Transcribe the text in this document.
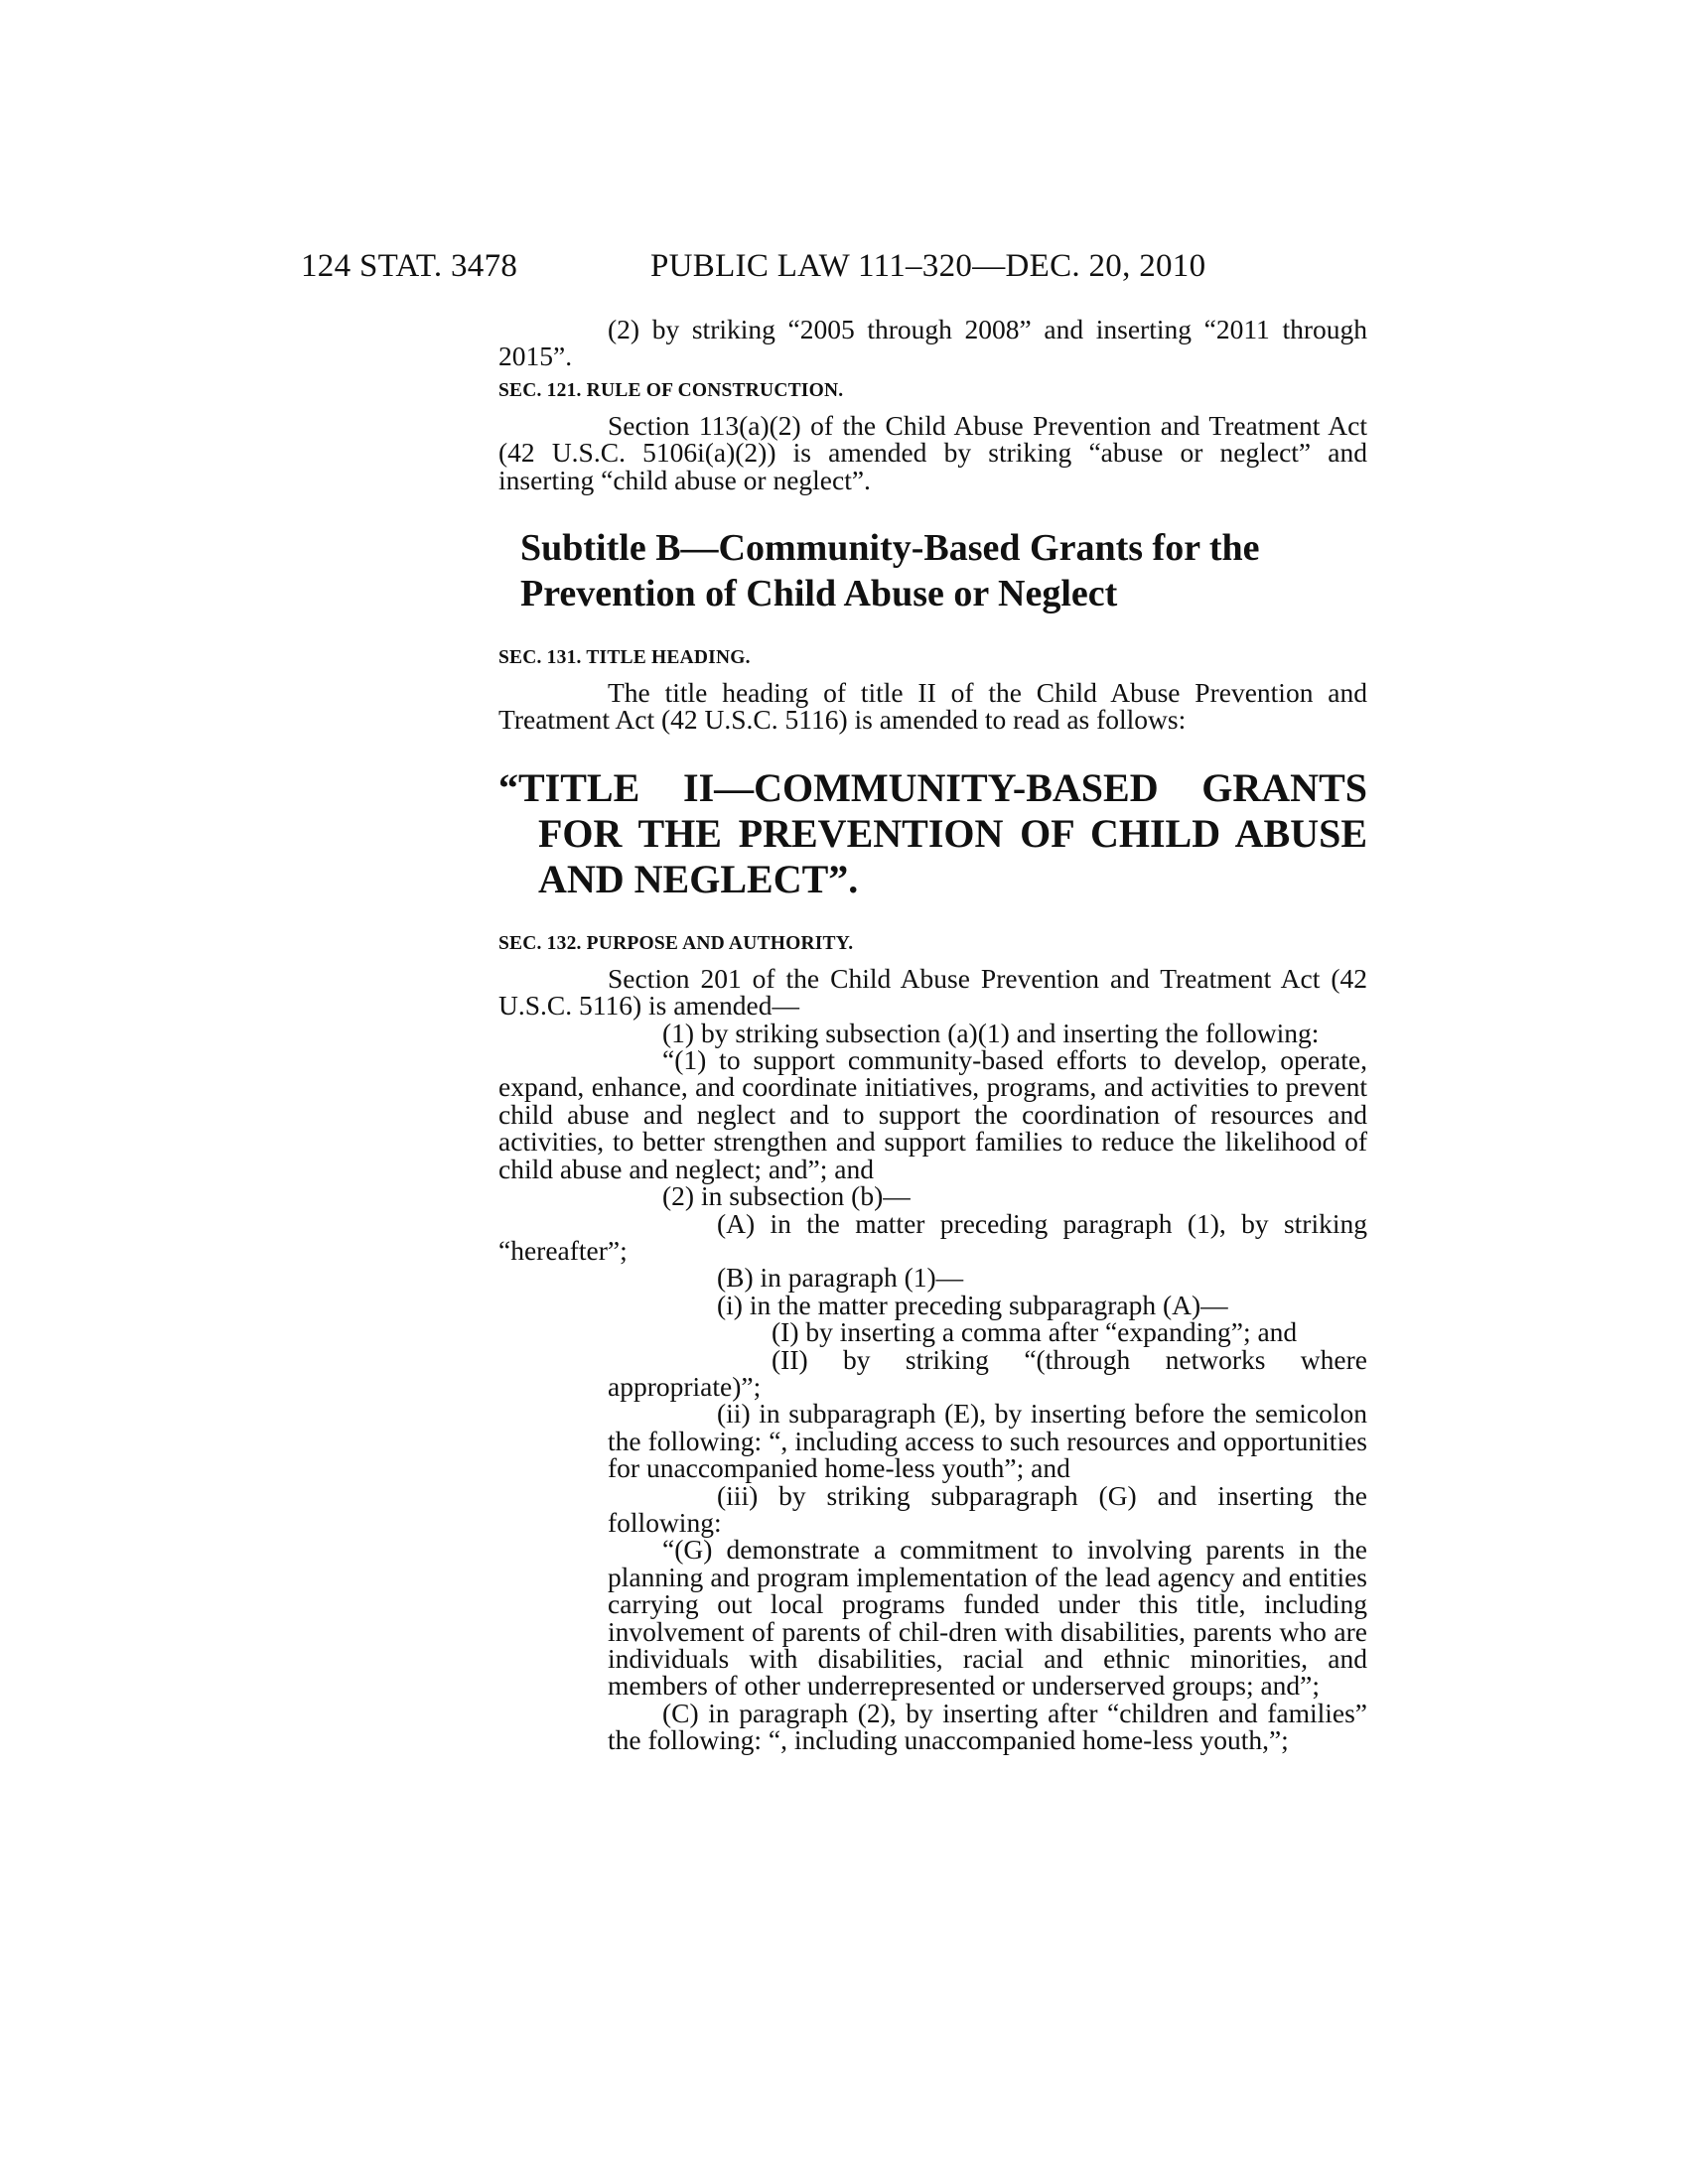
124 STAT. 3478	PUBLIC LAW 111–320—DEC. 20, 2010

(2) by striking “2005 through 2008” and inserting “2011 through 2015”.

SEC. 121. RULE OF CONSTRUCTION.

Section 113(a)(2) of the Child Abuse Prevention and Treatment Act (42 U.S.C. 5106i(a)(2)) is amended by striking “abuse or neglect” and inserting “child abuse or neglect”.

Subtitle B—Community-Based Grants for the Prevention of Child Abuse or Neglect
SEC. 131. TITLE HEADING.

The title heading of title II of the Child Abuse Prevention and Treatment Act (42 U.S.C. 5116) is amended to read as follows:

“TITLE II—COMMUNITY-BASED GRANTS FOR THE PREVENTION OF CHILD ABUSE AND NEGLECT”.
SEC. 132. PURPOSE AND AUTHORITY.

Section 201 of the Child Abuse Prevention and Treatment Act (42 U.S.C. 5116) is amended—

(1) by striking subsection (a)(1) and inserting the following:

“(1) to support community-based efforts to develop, operate, expand, enhance, and coordinate initiatives, programs, and activities to prevent child abuse and neglect and to support the coordination of resources and activities, to better strengthen and support families to reduce the likelihood of child abuse and neglect; and”; and

(2) in subsection (b)—

(A) in the matter preceding paragraph (1), by striking “hereafter”;

(B) in paragraph (1)—

(i) in the matter preceding subparagraph (A)—

(I) by inserting a comma after “expanding”; and

(II) by striking “(through networks where appropriate)”;

(ii) in subparagraph (E), by inserting before the semicolon the following: “, including access to such resources and opportunities for unaccompanied home-less youth”; and

(iii) by striking subparagraph (G) and inserting the following:

“(G) demonstrate a commitment to involving parents in the planning and program implementation of the lead agency and entities carrying out local programs funded under this title, including involvement of parents of chil-dren with disabilities, parents who are individuals with disabilities, racial and ethnic minorities, and members of other underrepresented or underserved groups; and”;

(C) in paragraph (2), by inserting after “children and families” the following: “, including unaccompanied home-less youth,”;
